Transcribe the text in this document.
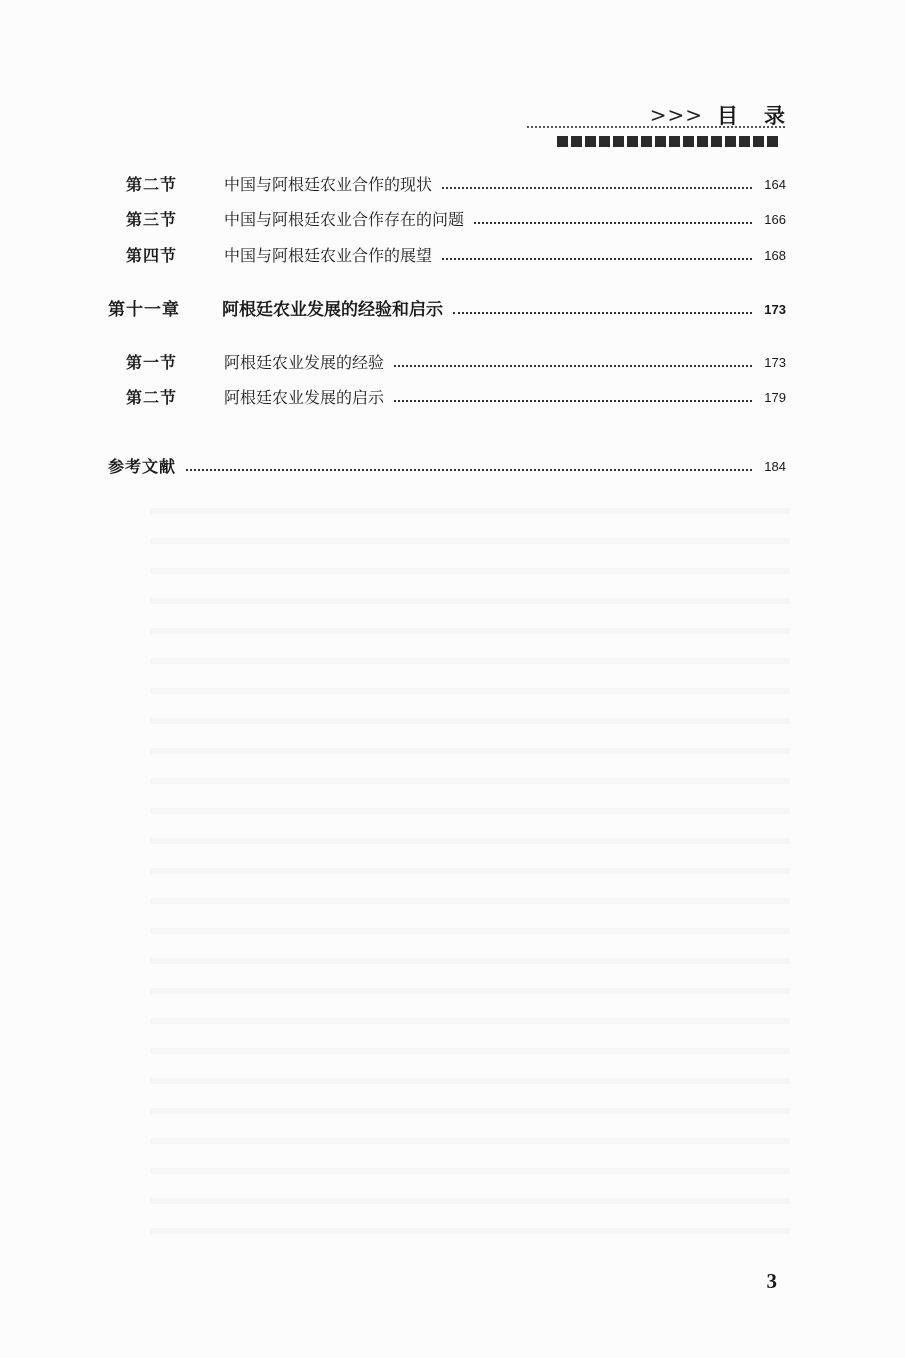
>>> 目录
第二节	中国与阿根廷农业合作的现状	164
第三节	中国与阿根廷农业合作存在的问题	166
第四节	中国与阿根廷农业合作的展望	168
第十一章	阿根廷农业发展的经验和启示	173
第一节	阿根廷农业发展的经验	173
第二节	阿根廷农业发展的启示	179
参考文献	184
3
